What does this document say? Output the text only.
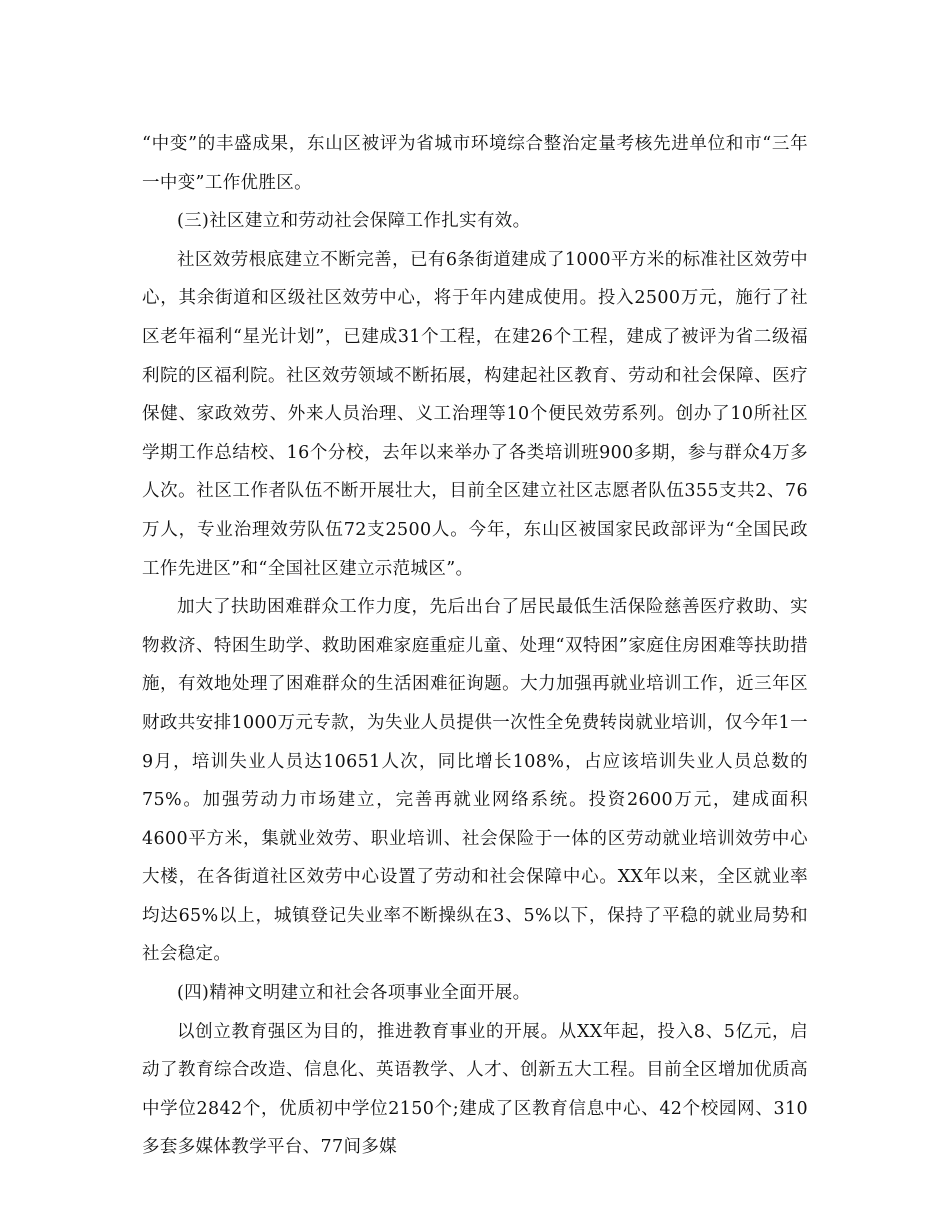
“中变”的丰盛成果，东山区被评为省城市环境综合整治定量考核先进单位和市“三年一中变”工作优胜区。

(三)社区建立和劳动社会保障工作扎实有效。

社区效劳根底建立不断完善，已有6条街道建成了1000平方米的标准社区效劳中心，其余街道和区级社区效劳中心，将于年内建成使用。投入2500万元，施行了社区老年福利“星光计划”，已建成31个工程，在建26个工程，建成了被评为省二级福利院的区福利院。社区效劳领域不断拓展，构建起社区教育、劳动和社会保障、医疗保健、家政效劳、外来人员治理、义工治理等10个便民效劳系列。创办了10所社区学期工作总结校、16个分校，去年以来举办了各类培训班900多期，参与群众4万多人次。社区工作者队伍不断开展壮大，目前全区建立社区志愿者队伍355支共2、76万人，专业治理效劳队伍72支2500人。今年，东山区被国家民政部评为“全国民政工作先进区”和“全国社区建立示范城区”。

加大了扶助困难群众工作力度，先后出台了居民最低生活保险慈善医疗救助、实物救济、特困生助学、救助困难家庭重症儿童、处理“双特困”家庭住房困难等扶助措施，有效地处理了困难群众的生活困难征询题。大力加强再就业培训工作，近三年区财政共安排1000万元专款，为失业人员提供一次性全免费转岗就业培训，仅今年1一9月，培训失业人员达10651人次，同比增长108%，占应该培训失业人员总数的75%。加强劳动力市场建立，完善再就业网络系统。投资2600万元，建成面积4600平方米，集就业效劳、职业培训、社会保险于一体的区劳动就业培训效劳中心大楼，在各街道社区效劳中心设置了劳动和社会保障中心。XX年以来，全区就业率均达65%以上，城镇登记失业率不断操纵在3、5%以下，保持了平稳的就业局势和社会稳定。

(四)精神文明建立和社会各项事业全面开展。

以创立教育强区为目的，推进教育事业的开展。从XX年起，投入8、5亿元，启动了教育综合改造、信息化、英语教学、人才、创新五大工程。目前全区增加优质高中学位2842个，优质初中学位2150个;建成了区教育信息中心、42个校园网、310多套多媒体教学平台、77间多媒
